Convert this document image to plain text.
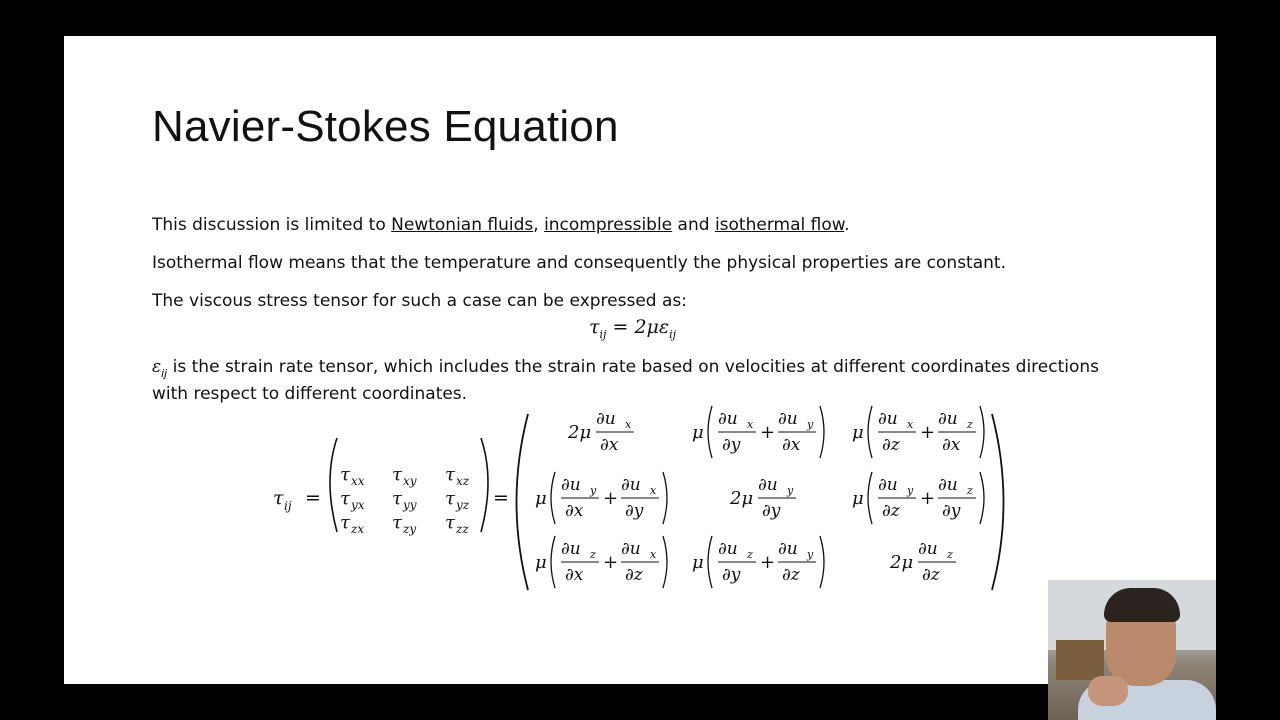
Navier-Stokes Equation
This discussion is limited to Newtonian fluids, incompressible and isothermal flow.
Isothermal flow means that the temperature and consequently the physical properties are constant.
The viscous stress tensor for such a case can be expressed as:
$\tau_{ij} = 2\mu\varepsilon_{ij}$
$\varepsilon_{ij}$ is the strain rate tensor, which includes the strain rate based on velocities at different coordinates directions
with respect to different coordinates.
τ ij =
τ xx τ xy τ xz
τ yx τ yy τ yz
τ zx τ zy τ zz
=
2μ
∂u x
∂x
μ
∂u x
∂y
+
∂u y
∂x
μ
∂u x
∂z
+
∂u z
∂x
μ
∂u y
∂x
+
∂u x
∂y
2μ
∂u y
∂y
μ
∂u y
∂z
+
∂u z
∂y
μ
∂u z
∂x
+
∂u x
∂z
μ
∂u z
∂y
+
∂u y
∂z
2μ
∂u z
∂z
